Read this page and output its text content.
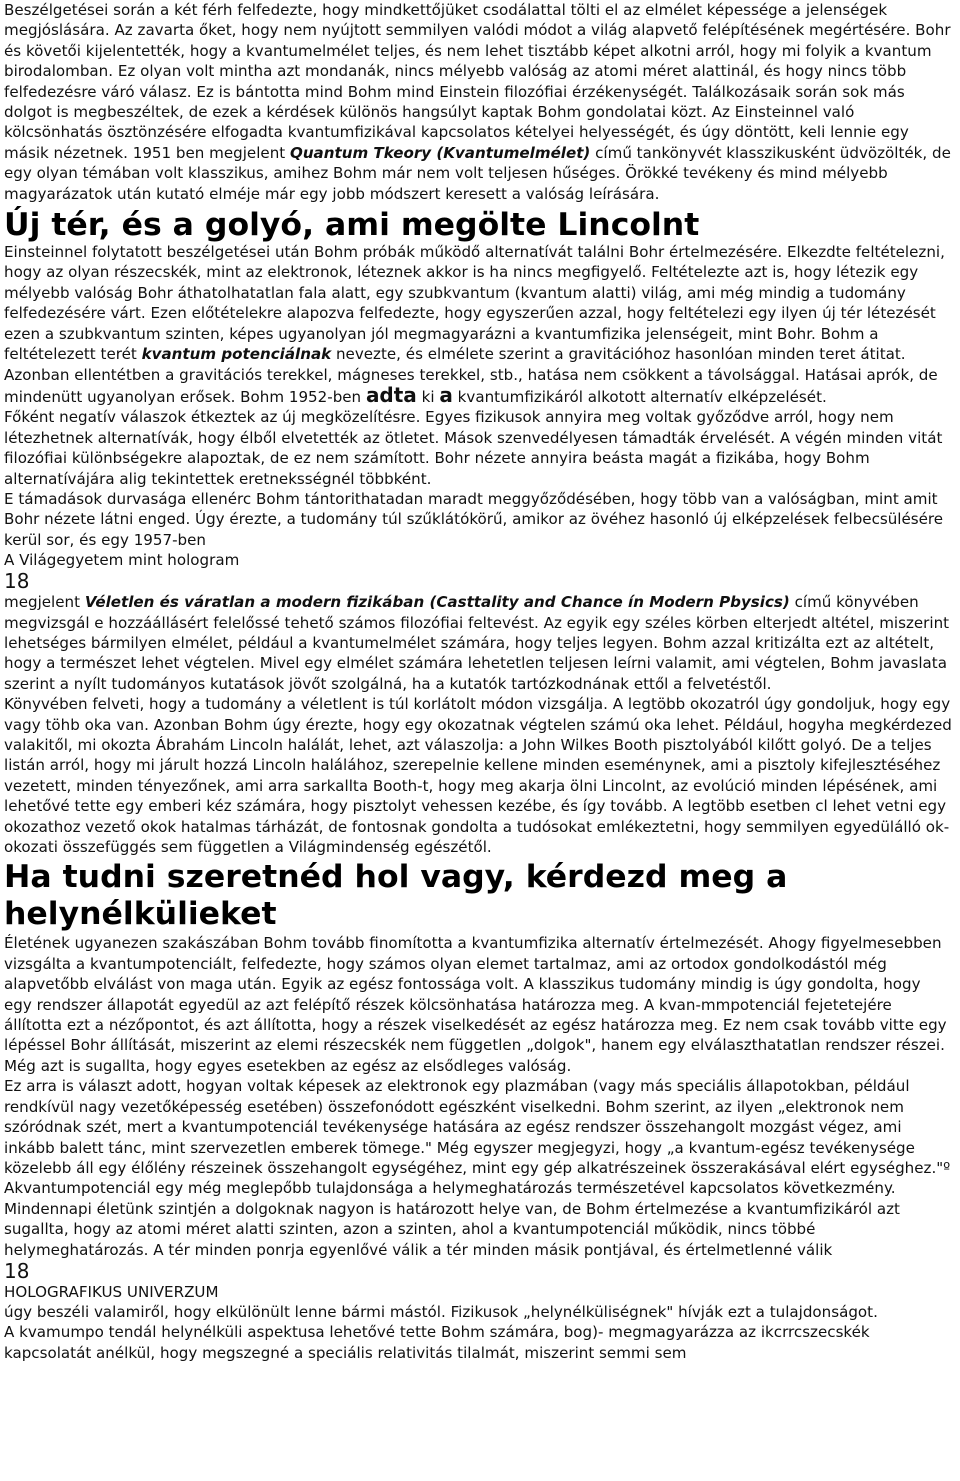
Beszélgetései során a két férh felfedezte, hogy mindkettőjüket csodálattal tölti el az elmélet képessége a jelenségek megjóslására. Az zavarta őket, hogy nem nyújtott semmilyen valódi módot a világ alapvető felépítésének megértésére. Bohr és követői kijelentették, hogy a kvantumelmélet teljes, és nem lehet tisztább képet alkotni arról, hogy mi folyik a kvantum birodalomban. Ez olyan volt mintha azt mondanák, nincs mélyebb valóság az atomi méret alattinál, és hogy nincs több felfedezésre váró válasz. Ez is bántotta mind Bohm mind Einstein filozófiai érzékenységét. Találkozásaik során sok más dolgot is megbeszéltek, de ezek a kérdések különös hangsúlyt kaptak Bohm gondolatai közt. Az Einsteinnel való kölcsönhatás ösztönzésére elfogadta kvantumfizikával kapcsolatos kételyei helyességét, és úgy döntött, keli lennie egy másik nézetnek. 1951 ben megjelent Quantum Tkeory (Kvantumelmélet) című tankönyvét klasszikusként üdvözölték, de egy olyan témában volt klasszikus, amihez Bohm már nem volt teljesen hűséges. Örökké tevékeny és mind mélyebb magyarázatok után kutató elméje már egy jobb módszert keresett a valóság leírására.

Új tér, és a golyó, ami megölte Lincolnt

Einsteinnel folytatott beszélgetései után Bohm próbák működő alternatívát találni Bohr értelmezésére. Elkezdte feltételezni, hogy az olyan részecskék, mint az elektronok, léteznek akkor is ha nincs megfigyelő. Feltételezte azt is, hogy létezik egy mélyebb valóság Bohr áthatolhatatlan fala alatt, egy szubkvantum (kvantum alatti) világ, ami még mindig a tudomány felfedezésére várt. Ezen előtételekre alapozva felfedezte, hogy egyszerűen azzal, hogy feltételezi egy ilyen új tér létezését ezen a szubkvantum szinten, képes ugyanolyan jól megmagyarázni a kvantumfizika jelenségeit, mint Bohr. Bohm a feltételezett terét kvantum potenciálnak nevezte, és elmélete szerint a gravitációhoz hasonlóan minden teret átitat. Azonban ellentétben a gravitációs terekkel, mágneses terekkel, stb., hatása nem csökkent a távolsággal. Hatásai aprók, de mindenütt ugyanolyan erősek. Bohm 1952-ben adta ki a kvantumfizikáról alkotott alternatív elképzelését.

Főként negatív válaszok étkeztek az új megközelítésre. Egyes fizikusok annyira meg voltak győződve arról, hogy nem létezhetnek alternatívák, hogy élből elvetették az ötletet. Mások szenvedélyesen támadták érvelését. A végén minden vitát filozófiai különbségekre alapoztak, de ez nem számított. Bohr nézete annyira beásta magát a fizikába, hogy Bohm alternatívájára alig tekintettek eretneksségnél többként.

E támadások durvasága ellenérc Bohm tántorithatadan maradt meggyőződésében, hogy több van a valóságban, mint amit Bohr nézete látni enged. Úgy érezte, a tudomány túl szűklátókörű, amikor az övéhez hasonló új elképzelések felbecsülésére kerül sor, és egy 1957-ben

A Világegyetem mint hologram

18

megjelent Véletlen és váratlan a modern fizikában (Casttality and Chance ín Modern Pbysics) című könyvében megvizsgál e hozzáállásért felelőssé tehető számos filozófiai feltevést. Az egyik egy széles körben elterjedt altétel, miszerint lehetséges bármilyen elmélet, például a kvantumelmélet számára, hogy teljes legyen. Bohm azzal kritizálta ezt az altételt, hogy a természet lehet végtelen. Mivel egy elmélet számára lehetetlen teljesen leírni valamit, ami végtelen, Bohm javaslata szerint a nyílt tudományos kutatások jövőt szolgálná, ha a kutatók tartózkodnának ettől a felvetéstől.

Könyvében felveti, hogy a tudomány a véletlent is túl korlátolt módon vizsgálja. A legtöbb okozatról úgy gondoljuk, hogy egy vagy töhb oka van. Azonban Bohm úgy érezte, hogy egy okozatnak végtelen számú oka lehet. Például, hogyha megkérdezed valakitől, mi okozta Ábrahám Lincoln halálát, lehet, azt válaszolja: a John Wilkes Booth pisztolyából kilőtt golyó. De a teljes listán arról, hogy mi járult hozzá Lincoln halálához, szerepelnie kellene minden eseménynek, ami a pisztoly kifejlesztéséhez vezetett, minden tényezőnek, ami arra sarkallta Booth-t, hogy meg akarja ölni Lincolnt, az evolúció minden lépésének, ami lehetővé tette egy emberi kéz számára, hogy pisztolyt vehessen kezébe, és így tovább. A legtöbb esetben cl lehet vetni egy okozathoz vezető okok hatalmas tárházát, de fontosnak gondolta a tudósokat emlékeztetni, hogy semmilyen egyedülálló ok-okozati összefüggés sem független a Világmindenség egészétől.

Ha tudni szeretnéd hol vagy, kérdezd meg a helynélkülieket

Életének ugyanezen szakászában Bohm tovább finomította a kvantumfizika alternatív értelmezését. Ahogy figyelmesebben vizsgálta a kvantumpotenciált, felfedezte, hogy számos olyan elemet tartalmaz, ami az ortodox gondolkodástól még alapvetőbb elválást von maga után. Egyik az egész fontossága volt. A klasszikus tudomány mindig is úgy gondolta, hogy egy rendszer állapotát egyedül az azt felépítő részek kölcsönhatása határozza meg. A kvan-mmpotenciál fejetetejére állította ezt a nézőpontot, és azt állította, hogy a részek viselkedését az egész határozza meg. Ez nem csak tovább vitte egy lépéssel Bohr állítását, miszerint az elemi részecskék nem független „dolgok", hanem egy elválaszthatatlan rendszer részei. Még azt is sugallta, hogy egyes esetekben az egész az elsődleges valóság.

Ez arra is választ adott, hogyan voltak képesek az elektronok egy plazmában (vagy más speciális állapotokban, például rendkívül nagy vezetőképesség esetében) összefonódott egészként viselkedni. Bohm szerint, az ilyen „elektronok nem szóródnak szét, mert a kvantumpotenciál tevékenysége hatására az egész rendszer összehangolt mozgást végez, ami inkább balett tánc, mint szervezetlen emberek tömege." Még egyszer megjegyzi, hogy „a kvantum-egész tevékenysége közelebb áll egy élőlény részeinek összehangolt egységéhez, mint egy gép alkatrészeinek összerakásával elért egységhez."º

Akvantumpotenciál egy még meglepőbb tulajdonsága a helymeghatározás természetével kapcsolatos következmény. Mindennapi életünk szintjén a dolgoknak nagyon is határozott helye van, de Bohm értelmezése a kvantumfizikáról azt sugallta, hogy az atomi méret alatti szinten, azon a szinten, ahol a kvantumpotenciál működik, nincs többé helymeghatározás. A tér minden ponrja egyenlővé válik a tér minden másik pontjával, és értelmetlenné válik

18

HOLOGRAFIKUS UNIVERZUM

úgy beszéli valamiről, hogy elkülönült lenne bármi mástól. Fizikusok „helynélküliségnek" hívják ezt a tulajdonságot.

A kvamumpo tendál helynélküli aspektusa lehetővé tette Bohm számára, bog)- megmagyarázza az ikcrrcszecskék kapcsolatát anélkül, hogy megszegné a speciális relativitás tilalmát, miszerint semmi sem
